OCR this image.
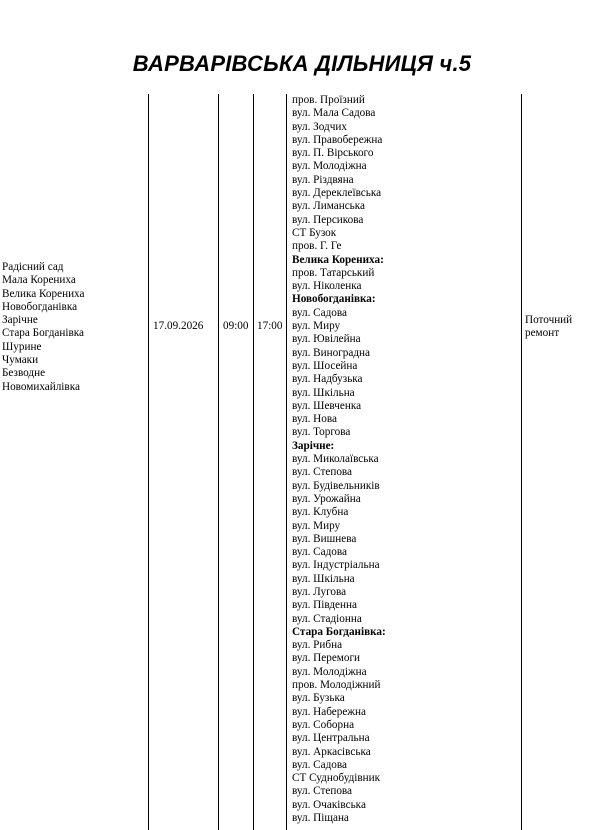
ВАРВАРІВСЬКА ДІЛЬНИЦЯ ч.5
Радісний сад
Мала Корениха
Велика Корениха
Новобогданівка
Зарічне
Стара Богданівка
Шурине
Чумаки
Безводне
Новомихайлівка
17.09.2026 09:00 17:00
пров. Проїзний
вул. Мала Садова
вул. Зодчих
вул. Правобережна
вул. П. Вірського
вул. Молодіжна
вул. Різдвяна
вул. Дереклеївська
вул. Лиманська
вул. Персикова
СТ Бузок
пров. Г. Ге
Велика Корениха:
пров. Татарський
вул. Ніколенка
Новобогданівка:
вул. Садова
вул. Миру
вул. Ювілейна
вул. Виноградна
вул. Шосейна
вул. Надбузька
вул. Шкільна
вул. Шевченка
вул. Нова
вул. Торгова
Зарічне:
вул. Миколаївська
вул. Степова
вул. Будівельників
вул. Урожайна
вул. Клубна
вул. Миру
вул. Вишнева
вул. Садова
вул. Індустріальна
вул. Шкільна
вул. Лугова
вул. Південна
вул. Стадіонна
Стара Богданівка:
вул. Рибна
вул. Перемоги
вул. Молодіжна
пров. Молодіжний
вул. Бузька
вул. Набережна
вул. Соборна
вул. Центральна
вул. Аркасівська
вул. Садова
СТ Суднобудівник
вул. Степова
вул. Очаківська
вул. Піщана
Поточний ремонт
